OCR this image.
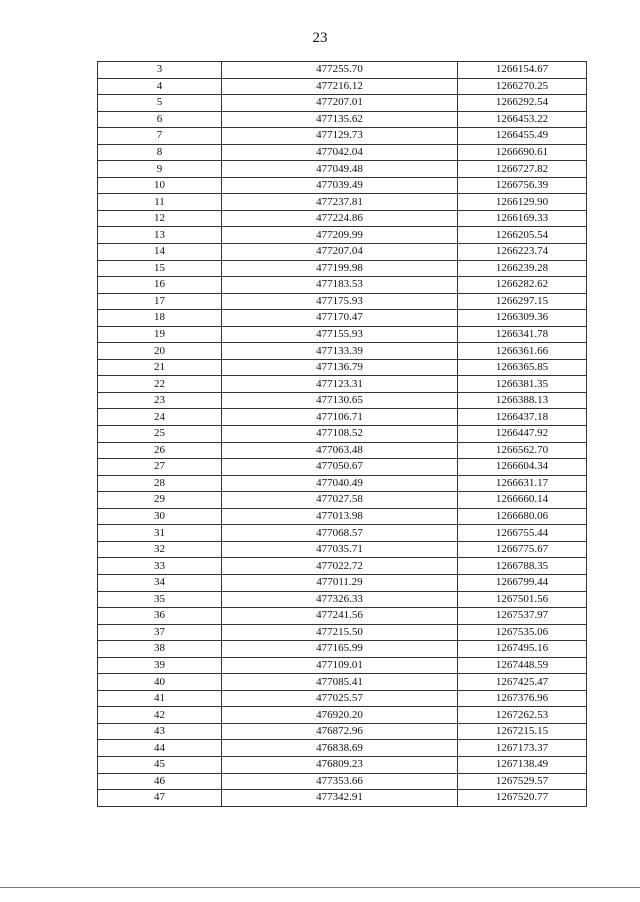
23
3	477255.70	1266154.67
4	477216.12	1266270.25
5	477207.01	1266292.54
6	477135.62	1266453.22
7	477129.73	1266455.49
8	477042.04	1266690.61
9	477049.48	1266727.82
10	477039.49	1266756.39
11	477237.81	1266129.90
12	477224.86	1266169.33
13	477209.99	1266205.54
14	477207.04	1266223.74
15	477199.98	1266239.28
16	477183.53	1266282.62
17	477175.93	1266297.15
18	477170.47	1266309.36
19	477155.93	1266341.78
20	477133.39	1266361.66
21	477136.79	1266365.85
22	477123.31	1266381.35
23	477130.65	1266388.13
24	477106.71	1266437.18
25	477108.52	1266447.92
26	477063.48	1266562.70
27	477050.67	1266604.34
28	477040.49	1266631.17
29	477027.58	1266660.14
30	477013.98	1266680.06
31	477068.57	1266755.44
32	477035.71	1266775.67
33	477022.72	1266788.35
34	477011.29	1266799.44
35	477326.33	1267501.56
36	477241.56	1267537.97
37	477215.50	1267535.06
38	477165.99	1267495.16
39	477109.01	1267448.59
40	477085.41	1267425.47
41	477025.57	1267376.96
42	476920.20	1267262.53
43	476872.96	1267215.15
44	476838.69	1267173.37
45	476809.23	1267138.49
46	477353.66	1267529.57
47	477342.91	1267520.77
